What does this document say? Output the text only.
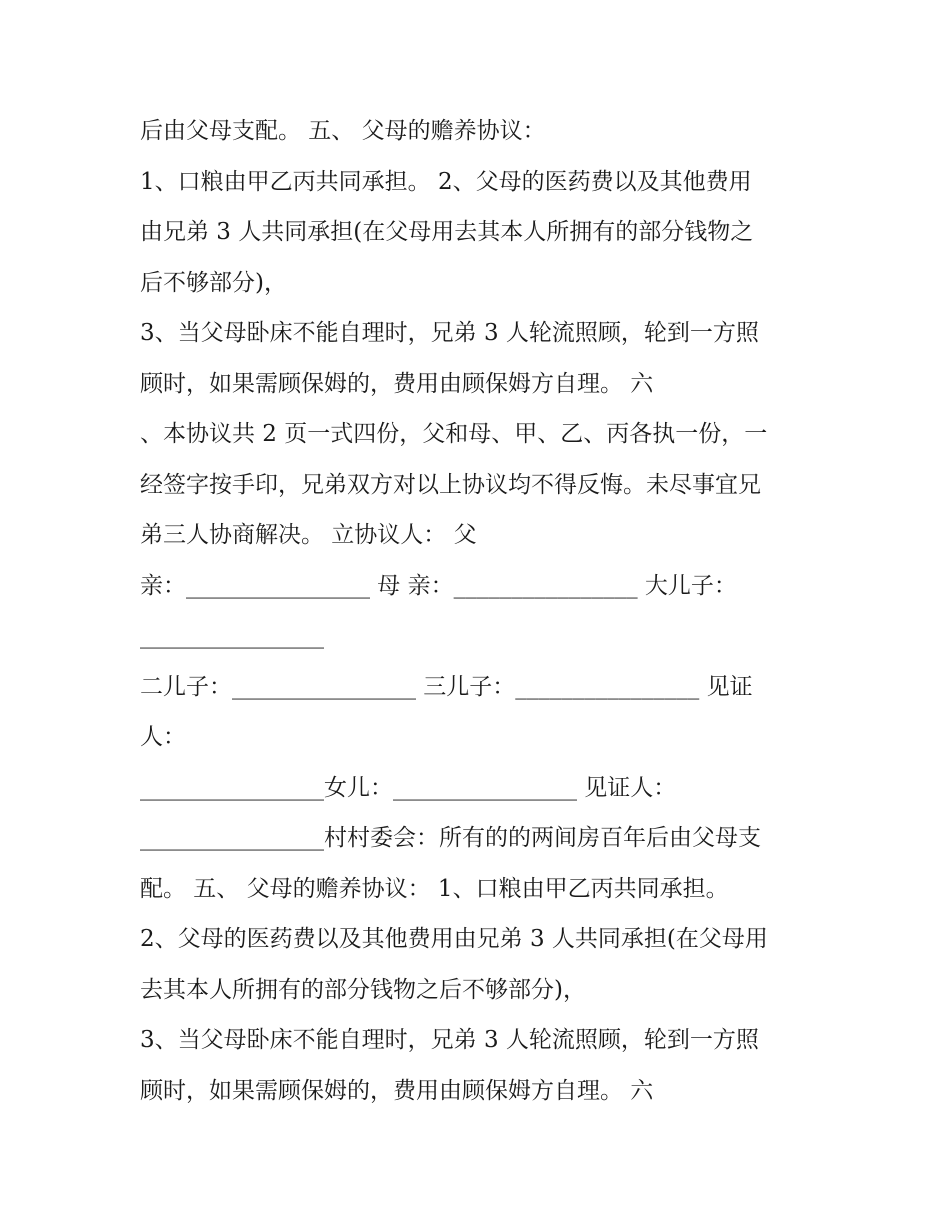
后由父母支配。 五、 父母的赡养协议：
1、口粮由甲乙丙共同承担。 2、父母的医药费以及其他费用
由兄弟 3 人共同承担(在父母用去其本人所拥有的部分钱物之
后不够部分)，
3、当父母卧床不能自理时，兄弟 3 人轮流照顾，轮到一方照
顾时，如果需顾保姆的，费用由顾保姆方自理。 六
、本协议共 2 页一式四份，父和母、甲、乙、丙各执一份，一
经签字按手印，兄弟双方对以上协议均不得反悔。未尽事宜兄
弟三人协商解决。 立协议人： 父
亲：________________ 母 亲：________________ 大儿子：
________________
二儿子：________________ 三儿子：________________ 见证
人：
________________女儿：________________ 见证人：
________________村村委会：所有的的两间房百年后由父母支
配。 五、 父母的赡养协议： 1、口粮由甲乙丙共同承担。
2、父母的医药费以及其他费用由兄弟 3 人共同承担(在父母用
去其本人所拥有的部分钱物之后不够部分)，
3、当父母卧床不能自理时，兄弟 3 人轮流照顾，轮到一方照
顾时，如果需顾保姆的，费用由顾保姆方自理。 六
